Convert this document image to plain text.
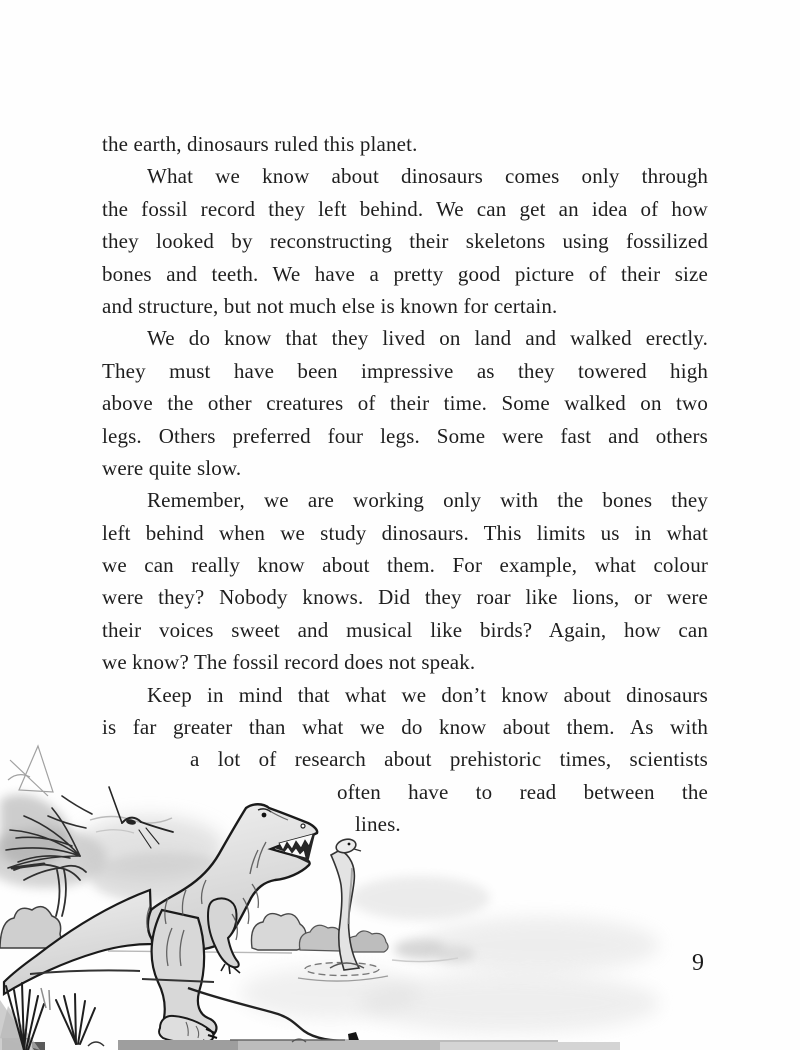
the earth, dinosaurs ruled this planet.
What we know about dinosaurs comes only through
the fossil record they left behind. We can get an idea of how
they looked by reconstructing their skeletons using fossilized
bones and teeth. We have a pretty good picture of their size
and structure, but not much else is known for certain.
We do know that they lived on land and walked erectly.
They must have been impressive as they towered high
above the other creatures of their time. Some walked on two
legs. Others preferred four legs. Some were fast and others
were quite slow.
Remember, we are working only with the bones they
left behind when we study dinosaurs. This limits us in what
we can really know about them. For example, what colour
were they? Nobody knows. Did they roar like lions, or were
their voices sweet and musical like birds? Again, how can
we know? The fossil record does not speak.
Keep in mind that what we don’t know about dinosaurs
is far greater than what we do know about them. As with
a lot of research about prehistoric times, scientists
often have to read between the
lines.
9
